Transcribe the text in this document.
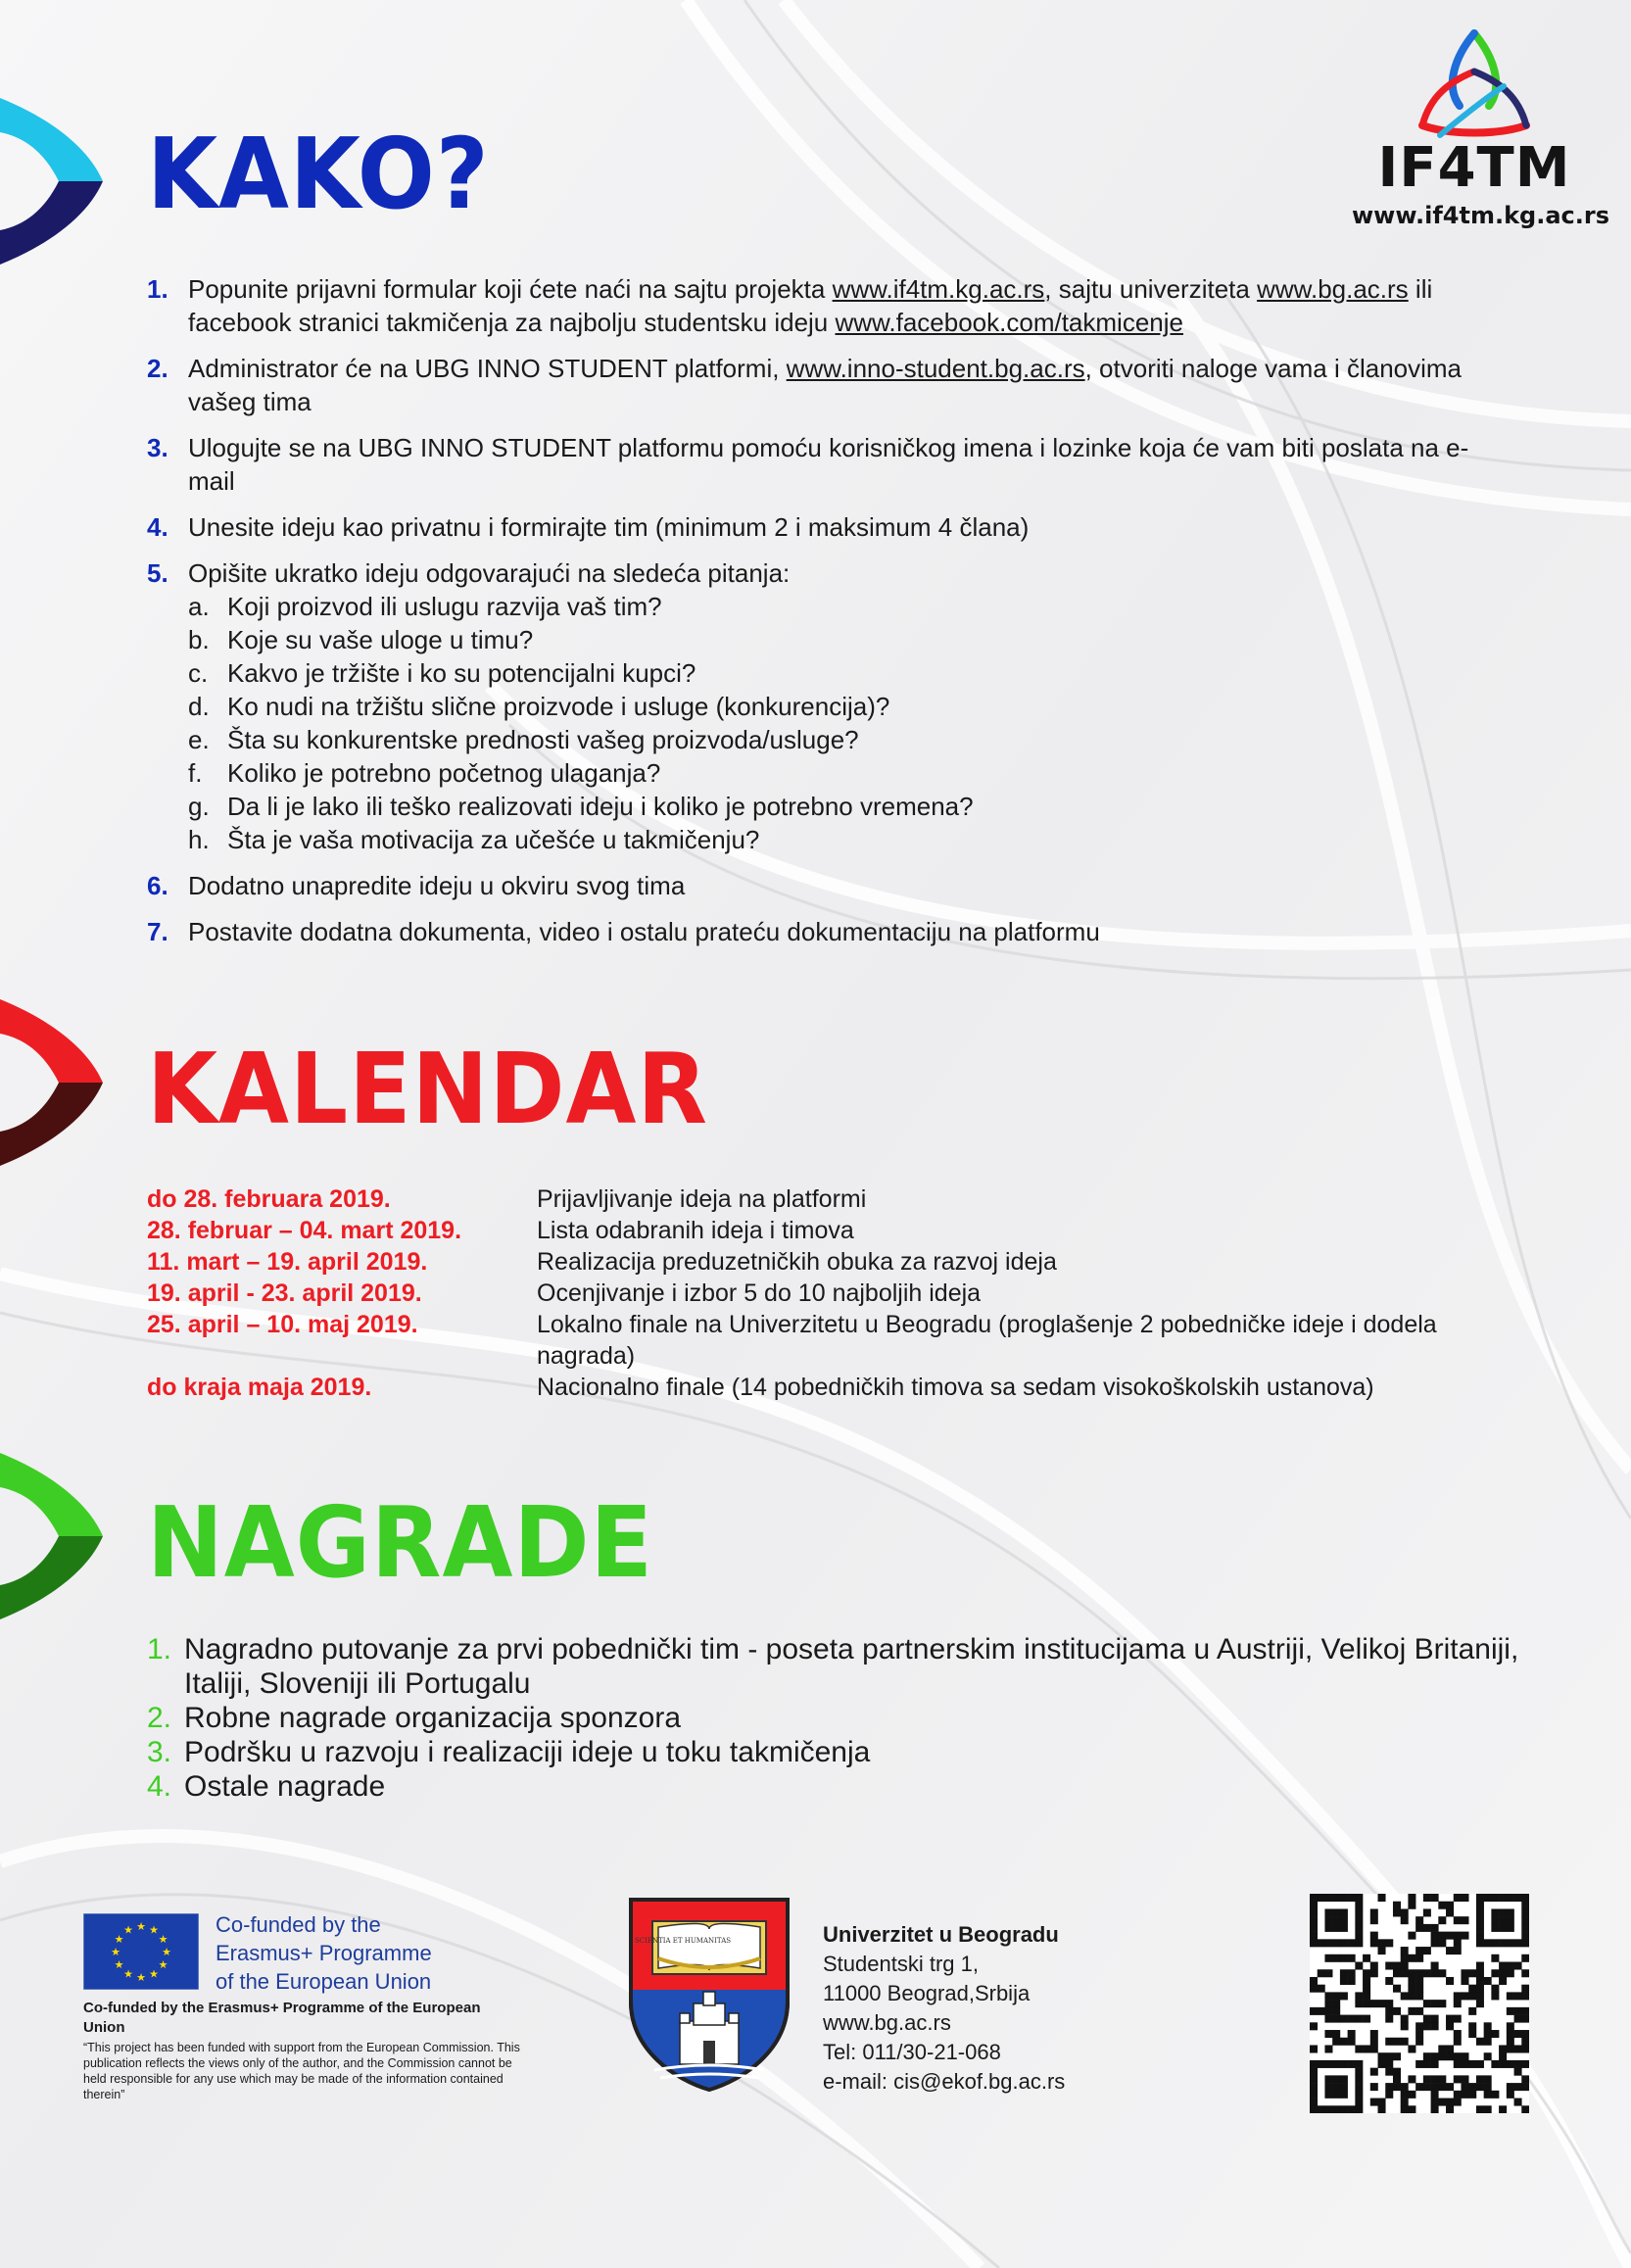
IF4TM
www.if4tm.kg.ac.rs
KAKO?
1. Popunite prijavni formular koji ćete naći na sajtu projekta www.if4tm.kg.ac.rs, sajtu univerziteta www.bg.ac.rs ili facebook stranici takmičenja za najbolju studentsku ideju www.facebook.com/takmicenje
2. Administrator će na UBG INNO STUDENT platformi, www.inno-student.bg.ac.rs, otvoriti naloge vama i članovima vašeg tima
3. Ulogujte se na UBG INNO STUDENT platformu pomoću korisničkog imena i lozinke koja će vam biti poslata na e-mail
4. Unesite ideju kao privatnu i formirajte tim (minimum 2 i maksimum 4 člana)
5. Opišite ukratko ideju odgovarajući na sledeća pitanja:
a. Koji proizvod ili uslugu razvija vaš tim?
b. Koje su vaše uloge u timu?
c. Kakvo je tržište i ko su potencijalni kupci?
d. Ko nudi na tržištu slične proizvode i usluge (konkurencija)?
e. Šta su konkurentske prednosti vašeg proizvoda/usluge?
f. Koliko je potrebno početnog ulaganja?
g. Da li je lako ili teško realizovati ideju i koliko je potrebno vremena?
h. Šta je vaša motivacija za učešće u takmičenju?
6. Dodatno unapredite ideju u okviru svog tima
7. Postavite dodatna dokumenta, video i ostalu prateću dokumentaciju na platformu
KALENDAR
do 28. februara 2019.	Prijavljivanje ideja na platformi
28. februar – 04. mart 2019.	Lista odabranih ideja i timova
11. mart – 19. april 2019.	Realizacija preduzetničkih obuka za razvoj ideja
19. april - 23. april 2019.	Ocenjivanje i izbor 5 do 10 najboljih ideja
25. april – 10. maj 2019.	Lokalno finale na Univerzitetu u Beogradu (proglašenje 2 pobedničke ideje i dodela nagrada)
do kraja maja 2019.	Nacionalno finale (14 pobedničkih timova sa sedam visokoškolskih ustanova)
NAGRADE
1. Nagradno putovanje za prvi pobednički tim - poseta partnerskim institucijama u Austriji, Velikoj Britaniji, Italiji, Sloveniji ili Portugalu
2. Robne nagrade organizacija sponzora
3. Podršku u razvoju i realizaciji ideje u toku takmičenja
4. Ostale nagrade
★ ★
★
★
★
★
★
★
★
★
★
★	Co-funded by the
Erasmus+ Programme
of the European Union
Co-funded by the Erasmus+ Programme of the European Union
“This project has been funded with support from the European Commission. This publication reflects the views only of the author, and the Commission cannot be held responsible for any use which may be made of the information contained therein”
SCIENTIA ET HUMANITAS	Univerzitet u Beogradu
Studentski trg 1,
11000 Beograd,Srbija
www.bg.ac.rs
Tel: 011/30-21-068
e-mail: cis@ekof.bg.ac.rs
